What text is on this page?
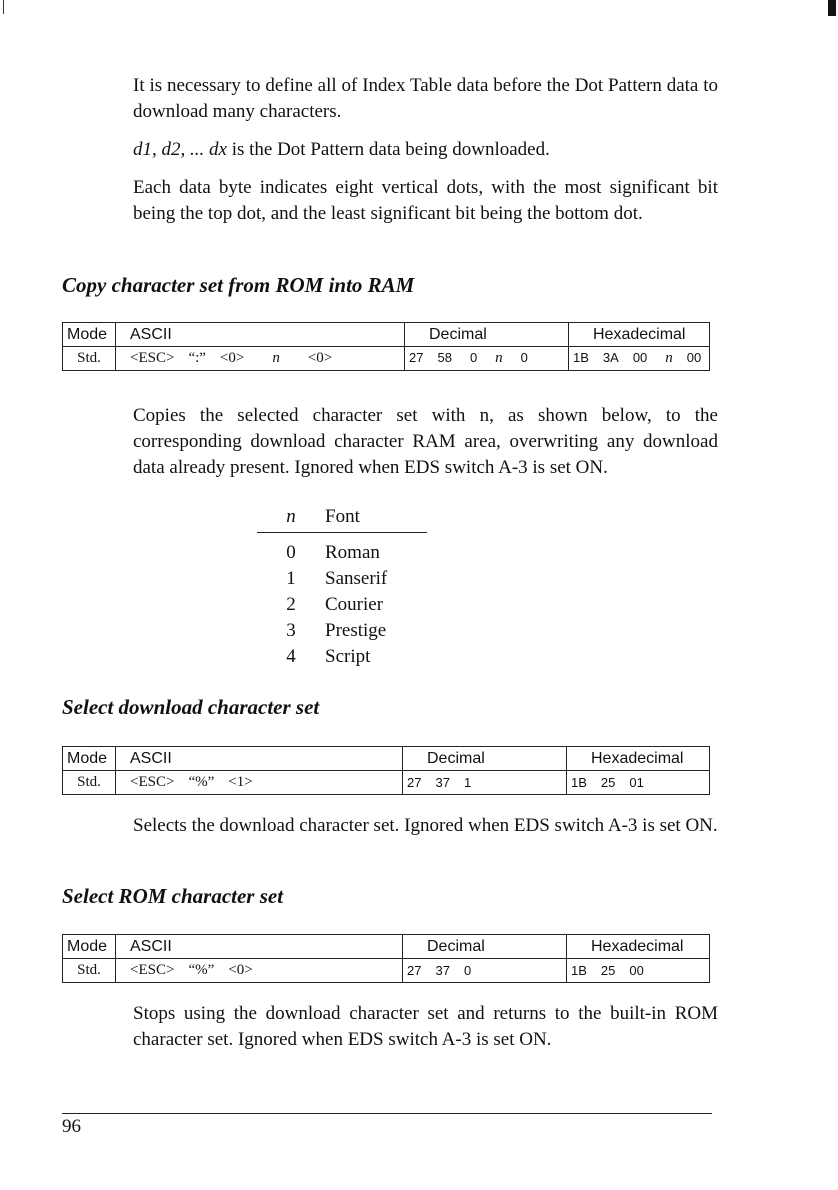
It is necessary to define all of Index Table data before the Dot Pattern data to download many characters.

d1, d2, ... dx is the Dot Pattern data being downloaded.

Each data byte indicates eight vertical dots, with the most significant bit being the top dot, and the least significant bit being the bottom dot.

Copy character set from ROM into RAM
Mode	ASCII	Decimal	Hexadecimal
Std.	<ESC> “:” <0> n <0>	27 58 0 n 0	1B 3A 00 n 00

Copies the selected character set with n, as shown below, to the corresponding download character RAM area, overwriting any download data already present. Ignored when EDS switch A-3 is set ON.

n	Font
0	Roman
1	Sanserif
2	Courier
3	Prestige
4	Script
Select download character set
Mode	ASCII	Decimal	Hexadecimal
Std.	<ESC> “%” <1>	27 37 1	1B 25 01

Selects the download character set. Ignored when EDS switch A-3 is set ON.

Select ROM character set
Mode	ASCII	Decimal	Hexadecimal
Std.	<ESC> “%” <0>	27 37 0	1B 25 00

Stops using the download character set and returns to the built-in ROM character set. Ignored when EDS switch A-3 is set ON.

96
